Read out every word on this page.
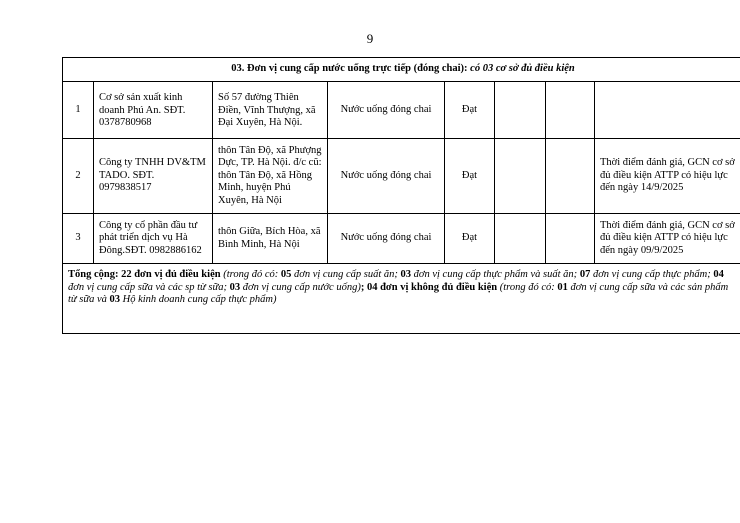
9
03. Đơn vị cung cấp nước uống trực tiếp (đóng chai): có 03 cơ sở đủ điều kiện							
1	Cơ sở sản xuất kinh doanh Phú An. SĐT. 0378780968	Số 57 đường Thiên Điền, Vĩnh Thượng, xã Đại Xuyên, Hà Nội.	Nước uống đóng chai	Đạt			
2	Công ty TNHH DV&TM TADO. SĐT. 0979838517	thôn Tân Độ, xã Phượng Dực, TP. Hà Nội. đ/c cũ: thôn Tân Độ, xã Hồng Minh, huyện Phú Xuyên, Hà Nội	Nước uống đóng chai	Đạt			Thời điểm đánh giá, GCN cơ sở đủ điều kiện ATTP có hiệu lực đến ngày 14/9/2025
3	Công ty cổ phần đầu tư phát triển dịch vụ Hà Đông.SĐT. 0982886162	thôn Giữa, Bích Hòa, xã Bình Minh, Hà Nội	Nước uống đóng chai	Đạt			Thời điểm đánh giá, GCN cơ sở đủ điều kiện ATTP có hiệu lực đến ngày 09/9/2025
Tổng cộng: 22 đơn vị đủ điều kiện (trong đó có: 05 đơn vị cung cấp suất ăn; 03 đơn vị cung cấp thực phẩm và suất ăn; 07 đơn vị cung cấp thực phẩm; 04 đơn vị cung cấp sữa và các sp từ sữa; 03 đơn vị cung cấp nước uống); 04 đơn vị không đủ điều kiện (trong đó có: 01 đơn vị cung cấp sữa và các sản phẩm từ sữa và 03 Hộ kinh doanh cung cấp thực phẩm)							
